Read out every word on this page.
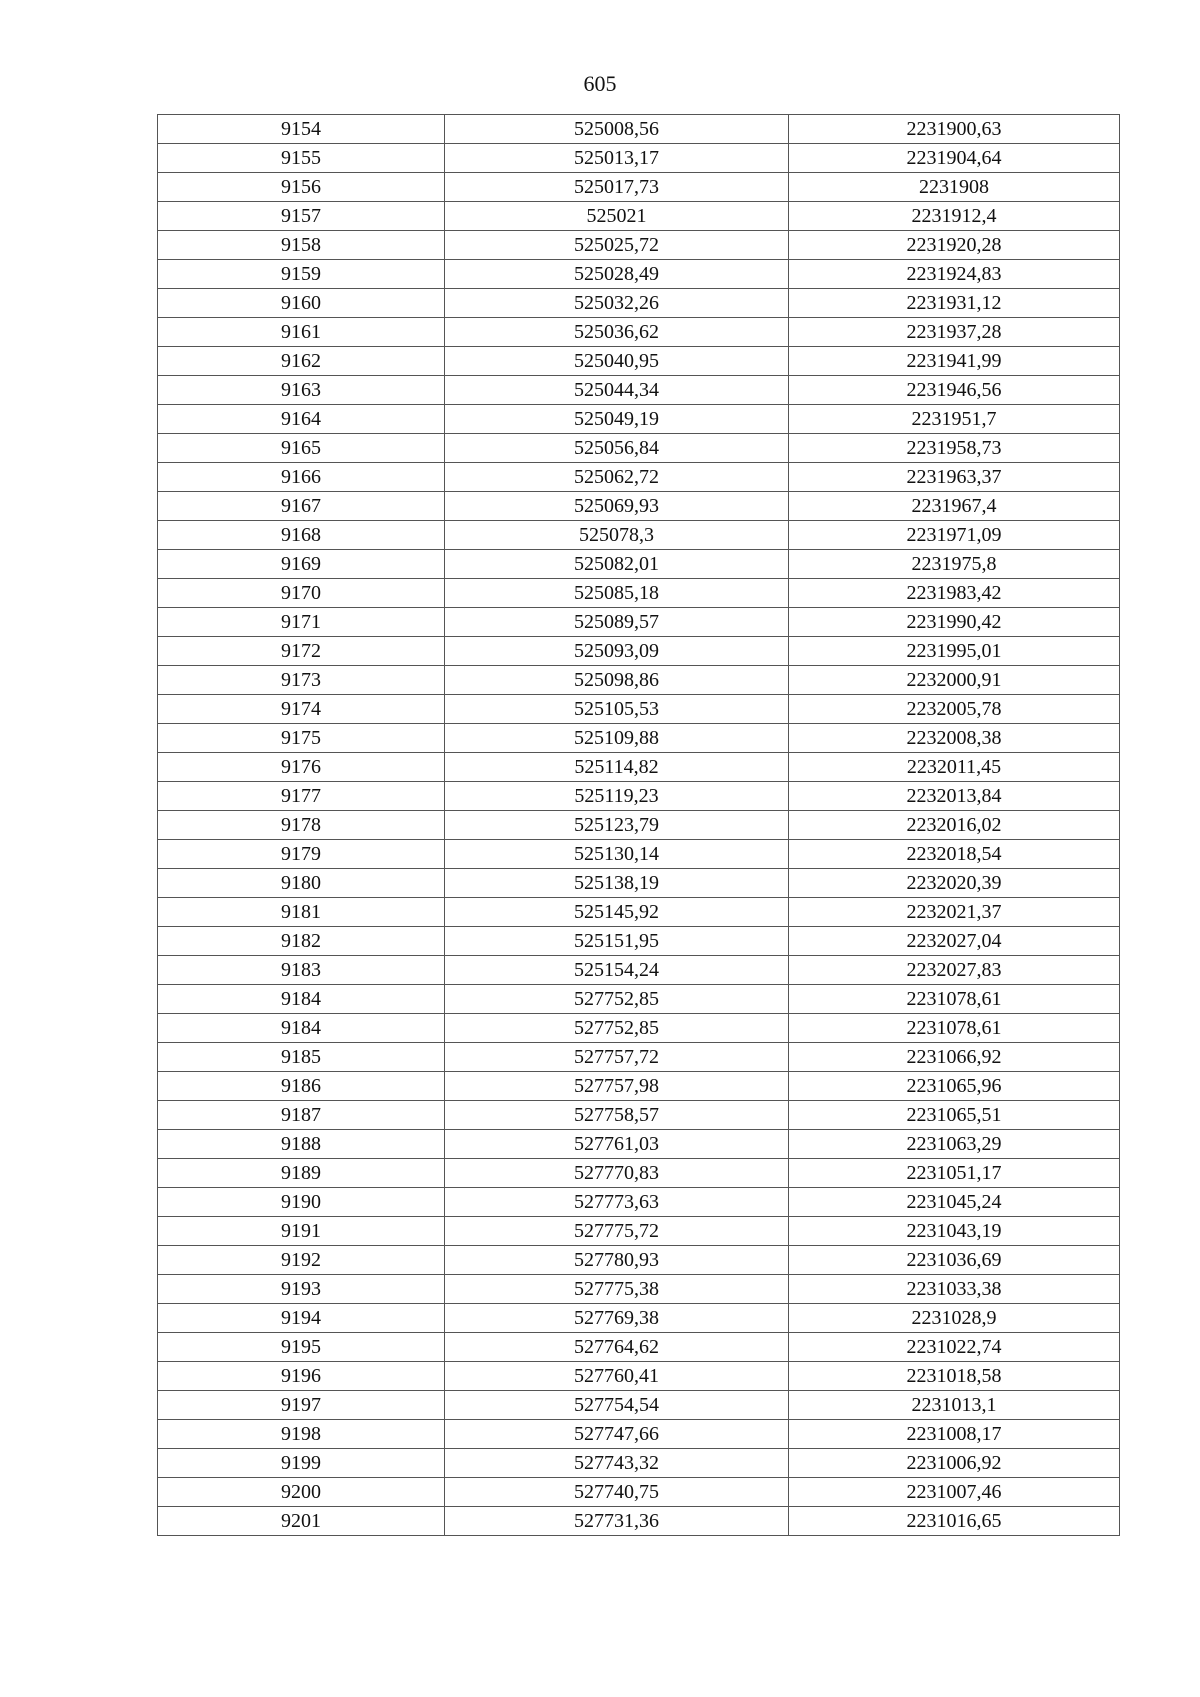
605
9154	525008,56	2231900,63
9155	525013,17	2231904,64
9156	525017,73	2231908
9157	525021	2231912,4
9158	525025,72	2231920,28
9159	525028,49	2231924,83
9160	525032,26	2231931,12
9161	525036,62	2231937,28
9162	525040,95	2231941,99
9163	525044,34	2231946,56
9164	525049,19	2231951,7
9165	525056,84	2231958,73
9166	525062,72	2231963,37
9167	525069,93	2231967,4
9168	525078,3	2231971,09
9169	525082,01	2231975,8
9170	525085,18	2231983,42
9171	525089,57	2231990,42
9172	525093,09	2231995,01
9173	525098,86	2232000,91
9174	525105,53	2232005,78
9175	525109,88	2232008,38
9176	525114,82	2232011,45
9177	525119,23	2232013,84
9178	525123,79	2232016,02
9179	525130,14	2232018,54
9180	525138,19	2232020,39
9181	525145,92	2232021,37
9182	525151,95	2232027,04
9183	525154,24	2232027,83
9184	527752,85	2231078,61
9184	527752,85	2231078,61
9185	527757,72	2231066,92
9186	527757,98	2231065,96
9187	527758,57	2231065,51
9188	527761,03	2231063,29
9189	527770,83	2231051,17
9190	527773,63	2231045,24
9191	527775,72	2231043,19
9192	527780,93	2231036,69
9193	527775,38	2231033,38
9194	527769,38	2231028,9
9195	527764,62	2231022,74
9196	527760,41	2231018,58
9197	527754,54	2231013,1
9198	527747,66	2231008,17
9199	527743,32	2231006,92
9200	527740,75	2231007,46
9201	527731,36	2231016,65
